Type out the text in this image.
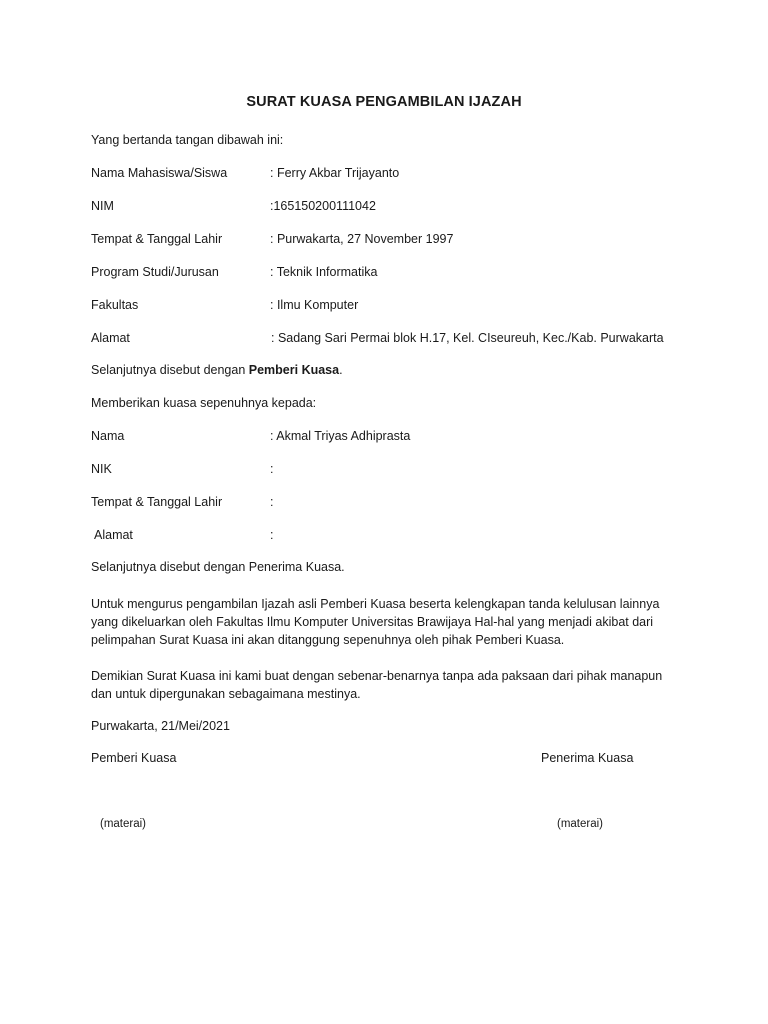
SURAT KUASA PENGAMBILAN IJAZAH
Yang bertanda tangan dibawah ini:
Nama Mahasiswa/Siswa	: Ferry Akbar Trijayanto
NIM	:165150200111042
Tempat & Tanggal Lahir	: Purwakarta, 27 November 1997
Program Studi/Jurusan	: Teknik Informatika
Fakultas	: Ilmu Komputer
Alamat	: Sadang Sari Permai blok H.17, Kel. CIseureuh, Kec./Kab. Purwakarta
Selanjutnya disebut dengan Pemberi Kuasa.
Memberikan kuasa sepenuhnya kepada:
Nama	: Akmal Triyas Adhiprasta
NIK	:
Tempat & Tanggal Lahir	:
Alamat	:
Selanjutnya disebut dengan Penerima Kuasa.
Untuk mengurus pengambilan Ijazah asli Pemberi Kuasa beserta kelengkapan tanda kelulusan lainnya
yang dikeluarkan oleh Fakultas Ilmu Komputer Universitas Brawijaya Hal-hal yang menjadi akibat dari
pelimpahan Surat Kuasa ini akan ditanggung sepenuhnya oleh pihak Pemberi Kuasa.
Demikian Surat Kuasa ini kami buat dengan sebenar-benarnya tanpa ada paksaan dari pihak manapun
dan untuk dipergunakan sebagaimana mestinya.
Purwakarta, 21/Mei/2021
Pemberi Kuasa	Penerima Kuasa
(materai)	(materai)
